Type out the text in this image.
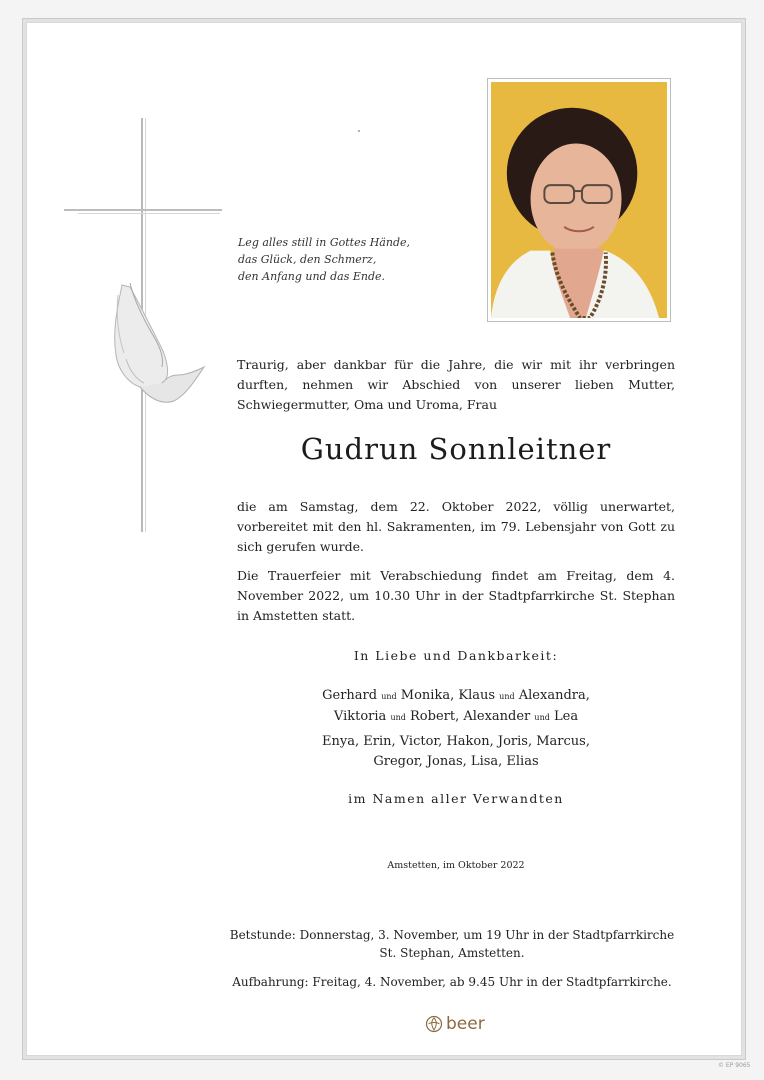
Leg alles still in Gottes Hände,
das Glück, den Schmerz,
den Anfang und das Ende.
Traurig, aber dankbar für die Jahre, die wir mit ihr verbringen durften, nehmen wir Abschied von unserer lieben Mutter, Schwiegermutter, Oma und Uroma, Frau
Gudrun Sonnleitner
die am Samstag, dem 22. Oktober 2022, völlig unerwartet, vorbereitet mit den hl. Sakramenten, im 79. Lebensjahr von Gott zu sich gerufen wurde.
Die Trauerfeier mit Verabschiedung findet am Freitag, dem 4. November 2022, um 10.30 Uhr in der Stadtpfarrkirche St. Stephan in Amstetten statt.
In Liebe und Dankbarkeit:
Gerhard und Monika, Klaus und Alexandra,
Viktoria und Robert, Alexander und Lea
Enya, Erin, Victor, Hakon, Joris, Marcus,
Gregor, Jonas, Lisa, Elias
im Namen aller Verwandten
Amstetten, im Oktober 2022
Betstunde: Donnerstag, 3. November, um 19 Uhr in der Stadtpfarrkirche
St. Stephan, Amstetten.
Aufbahrung: Freitag, 4. November, ab 9.45 Uhr in der Stadtpfarrkirche.
beer
© EP 9065
